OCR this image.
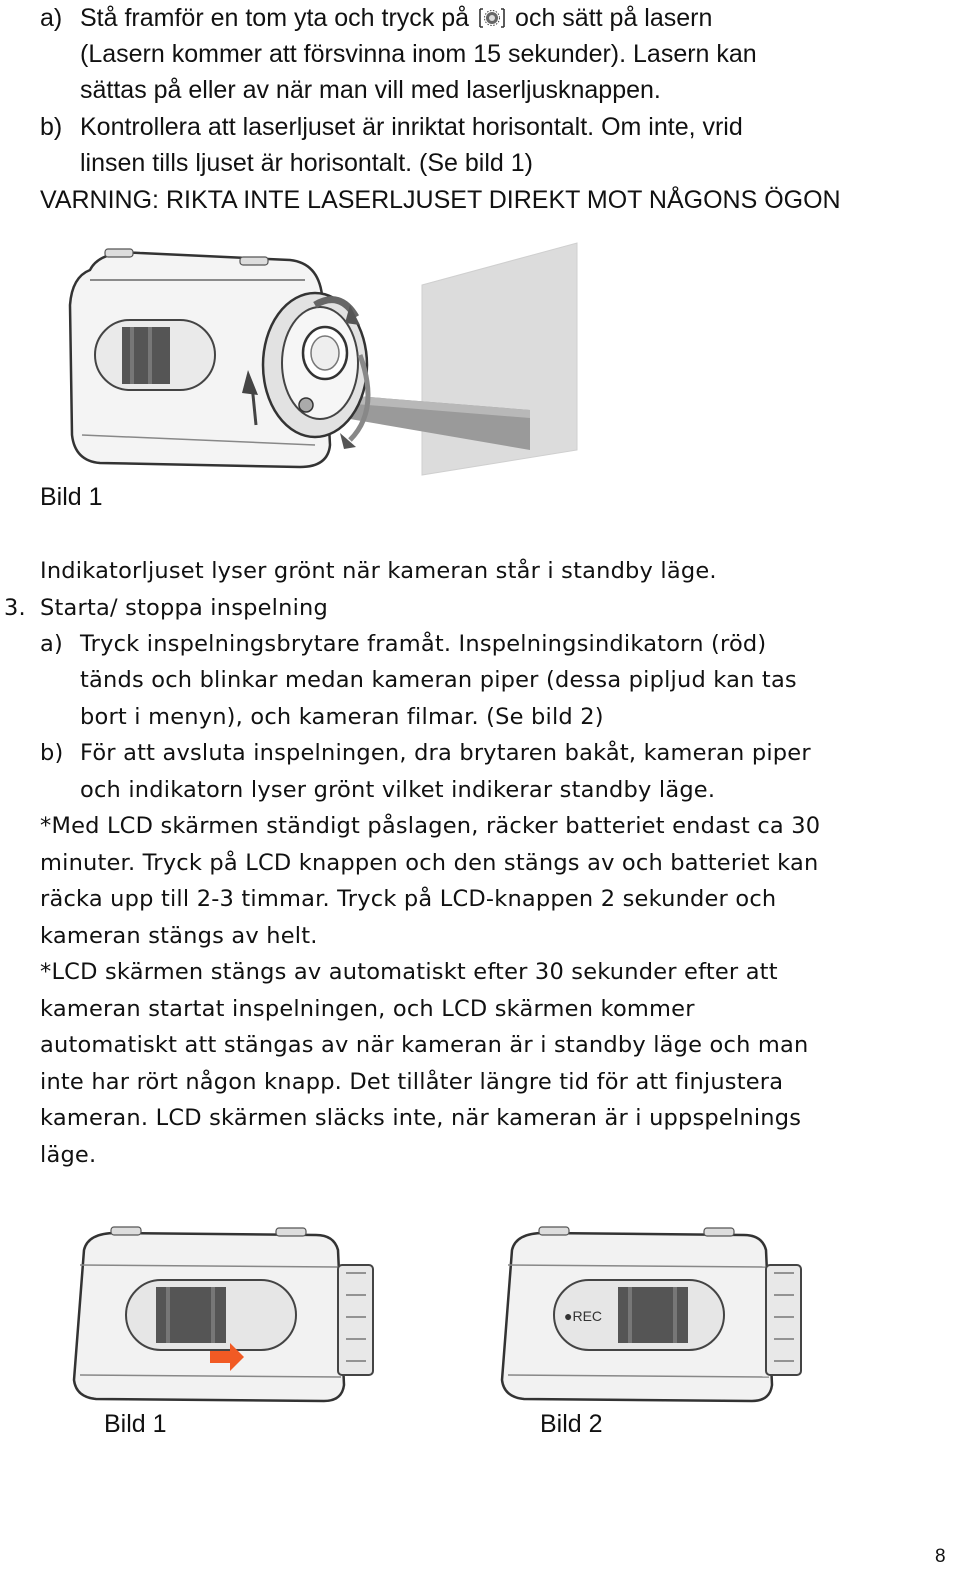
a) Stå framför en tom yta och tryck på och sätt på lasern
(Lasern kommer att försvinna inom 15 sekunder). Lasern kan
sättas på eller av när man vill med laserljusknappen.
b) Kontrollera att laserljuset är inriktat horisontalt. Om inte, vrid
linsen tills ljuset är horisontalt. (Se bild 1)
VARNING: RIKTA INTE LASERLJUSET DIREKT MOT NÅGONS ÖGON
Bild 1
Indikatorljuset lyser grönt när kameran står i standby läge.
3. Starta/ stoppa inspelning
a) Tryck inspelningsbrytare framåt. Inspelningsindikatorn (röd)
tänds och blinkar medan kameran piper (dessa pipljud kan tas
bort i menyn), och kameran filmar. (Se bild 2)
b) För att avsluta inspelningen, dra brytaren bakåt, kameran piper
och indikatorn lyser grönt vilket indikerar standby läge.
*Med LCD skärmen ständigt påslagen, räcker batteriet endast ca 30
minuter. Tryck på LCD knappen och den stängs av och batteriet kan
räcka upp till 2-3 timmar. Tryck på LCD-knappen 2 sekunder och
kameran stängs av helt.
*LCD skärmen stängs av automatiskt efter 30 sekunder efter att
kameran startat inspelningen, och LCD skärmen kommer
automatiskt att stängas av när kameran är i standby läge och man
inte har rört någon knapp. Det tillåter längre tid för att finjustera
kameran. LCD skärmen släcks inte, när kameran är i uppspelnings
läge.
●REC
Bild 1	Bild 2
8
